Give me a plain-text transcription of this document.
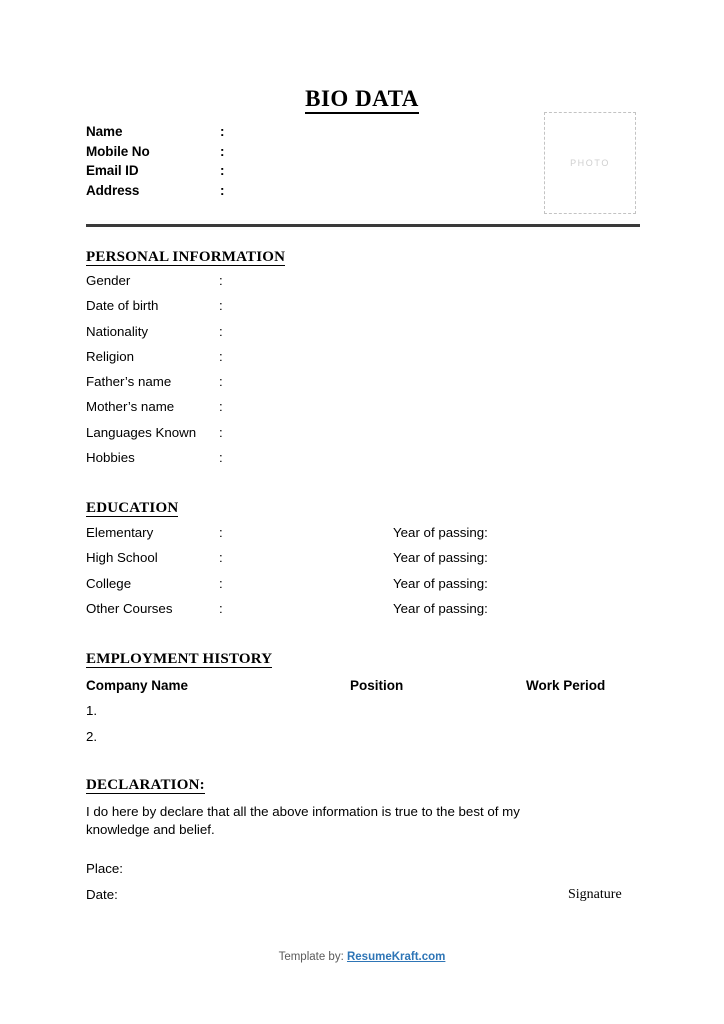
BIO DATA
Name	:
Mobile No	:
Email ID	:
Address	:
PHOTO
PERSONAL INFORMATION
Gender	:
Date of birth	:
Nationality	:
Religion	:
Father’s name	:
Mother’s name	:
Languages Known	:
Hobbies	:
EDUCATION
Elementary	:	Year of passing:
High School	:	Year of passing:
College	:	Year of passing:
Other Courses	:	Year of passing:
EMPLOYMENT HISTORY
Company Name	Position	Work Period
1.
2.
DECLARATION:
I do here by declare that all the above information is true to the best of my knowledge and belief.
Place:
Date:	Signature
Template by: ResumeKraft.com
